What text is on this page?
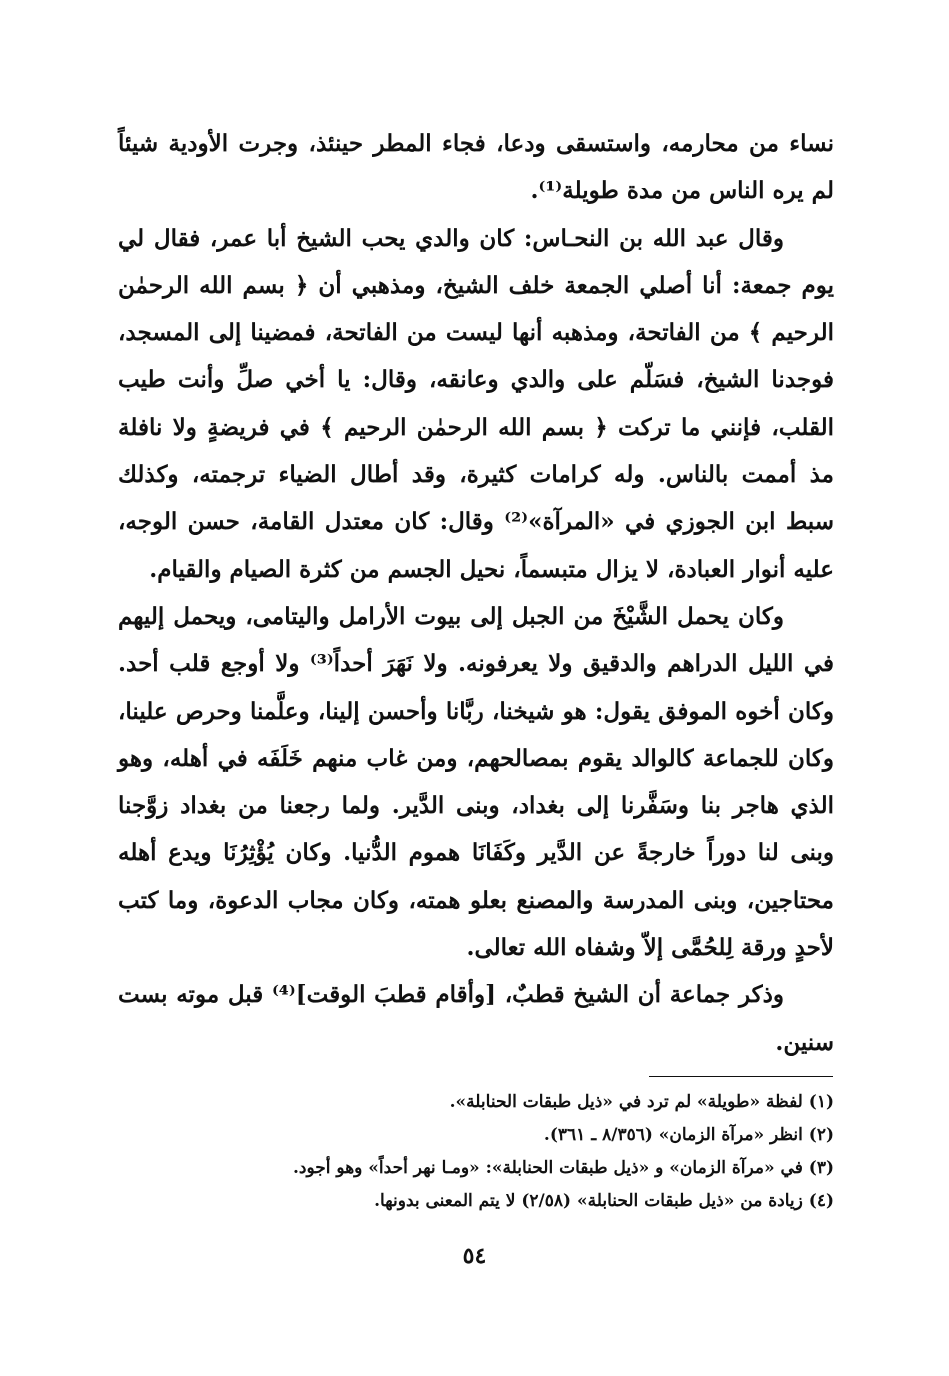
نساء من محارمه، واستسقى ودعا، فجاء المطر حينئذ، وجرت الأودية شيئاً لم يره الناس من مدة طويلة⁽¹⁾.

وقال عبد الله بن النحـاس: كان والدي يحب الشيخ أبا عمر، فقال لي يوم جمعة: أنا أصلي الجمعة خلف الشيخ، ومذهبي أن ﴿ بسم الله الرحمٰن الرحيم ﴾ من الفاتحة، ومذهبه أنها ليست من الفاتحة، فمضينا إلى المسجد، فوجدنا الشيخ، فسَلّم على والدي وعانقه، وقال: يا أخي صلِّ وأنت طيب القلب، فإنني ما تركت ﴿ بسم الله الرحمٰن الرحيم ﴾ في فريضةٍ ولا نافلة مذ أممت بالناس. وله كرامات كثيرة، وقد أطال الضياء ترجمته، وكذلك سبط ابن الجوزي في «المرآة»⁽²⁾ وقال: كان معتدل القامة، حسن الوجه، عليه أنوار العبادة، لا يزال متبسماً، نحيل الجسم من كثرة الصيام والقيام.

وكان يحمل الشَّيْخَ من الجبل إلى بيوت الأرامل واليتامى، ويحمل إليهم في الليل الدراهم والدقيق ولا يعرفونه. ولا نَهَرَ أحداً⁽³⁾ ولا أوجع قلب أحد. وكان أخوه الموفق يقول: هو شيخنا، ربَّانا وأحسن إلينا، وعلَّمنا وحرص علينا، وكان للجماعة كالوالد يقوم بمصالحهم، ومن غاب منهم خَلَفَه في أهله، وهو الذي هاجر بنا وسَفَّرنا إلى بغداد، وبنى الدَّير. ولما رجعنا من بغداد زوَّجنا وبنى لنا دوراً خارجةً عن الدَّير وكَفَانَا هموم الدُّنيا. وكان يُؤْثِرُنَا ويدع أهله محتاجين، وبنى المدرسة والمصنع بعلو همته، وكان مجاب الدعوة، وما كتب لأحدٍ ورقة لِلحُمَّى إلاّ وشفاه الله تعالى.

وذكر جماعة أن الشيخ قطبٌ، [وأقام قطبَ الوقت]⁽⁴⁾ قبل موته بست سنين.

(١) لفظة «طويلة» لم ترد في «ذيل طبقات الحنابلة».

(٢) انظر «مرآة الزمان» (٨/٣٥٦ ـ ٣٦١).

(٣) في «مرآة الزمان» و «ذيل طبقات الحنابلة»: «ومـا نهر أحداً» وهو أجود.

(٤) زيادة من «ذيل طبقات الحنابلة» (٢/٥٨) لا يتم المعنى بدونها.

٥٤
